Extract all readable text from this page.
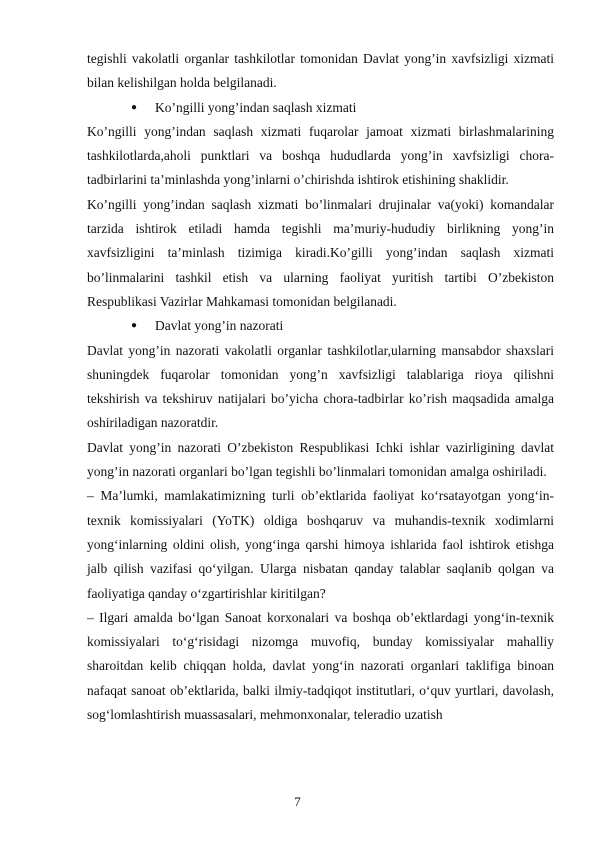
tegishli vakolatli organlar tashkilotlar tomonidan Davlat yong’in xavfsizligi xizmati bilan kelishilgan holda belgilanadi.

● Ko’ngilli yong’indan saqlash xizmati

Ko’ngilli yong’indan saqlash xizmati fuqarolar jamoat xizmati birlashmalarining tashkilotlarda,aholi punktlari va boshqa hududlarda yong’in xavfsizligi chora-tadbirlarini ta’minlashda yong’inlarni o’chirishda ishtirok etishining shaklidir.

Ko’ngilli yong’indan saqlash xizmati bo’linmalari drujinalar va(yoki) komandalar tarzida ishtirok etiladi hamda tegishli ma’muriy-hududiy birlikning yong’in xavfsizligini ta’minlash tizimiga kiradi.Ko’gilli yong’indan saqlash xizmati bo’linmalarini tashkil etish va ularning faoliyat yuritish tartibi O’zbekiston Respublikasi Vazirlar Mahkamasi tomonidan belgilanadi.

● Davlat yong’in nazorati

Davlat yong’in nazorati vakolatli organlar tashkilotlar,ularning mansabdor shaxslari shuningdek fuqarolar tomonidan yong’n xavfsizligi talablariga rioya qilishni tekshirish va tekshiruv natijalari bo’yicha chora-tadbirlar ko’rish maqsadida amalga oshiriladigan nazoratdir.

Davlat yong’in nazorati O’zbekiston Respublikasi Ichki ishlar vazirligining davlat yong’in nazorati organlari bo’lgan tegishli bo’linmalari tomonidan amalga oshiriladi.

– Ma’lumki, mamlakatimizning turli ob’ektlarida faoliyat ko‘rsatayotgan yong‘in-texnik komissiyalari (YoTK) oldiga boshqaruv va muhandis-texnik xodimlarni yong‘inlarning oldini olish, yong‘inga qarshi himoya ishlarida faol ishtirok etishga jalb qilish vazifasi qo‘yilgan. Ularga nisbatan qanday talablar saqlanib qolgan va faoliyatiga qanday o‘zgartirishlar kiritilgan?

– Ilgari amalda bo‘lgan Sanoat korxonalari va boshqa ob’ektlardagi yong‘in-texnik komissiyalari to‘g‘risidagi nizomga muvofiq, bunday komissiyalar mahalliy sharoitdan kelib chiqqan holda, davlat yong‘in nazorati organlari taklifiga binoan nafaqat sanoat ob’ektlarida, balki ilmiy-tadqiqot institutlari, o‘quv yurtlari, davolash, sog‘lomlashtirish muassasalari, mehmonxonalar, teleradio uzatish

7
